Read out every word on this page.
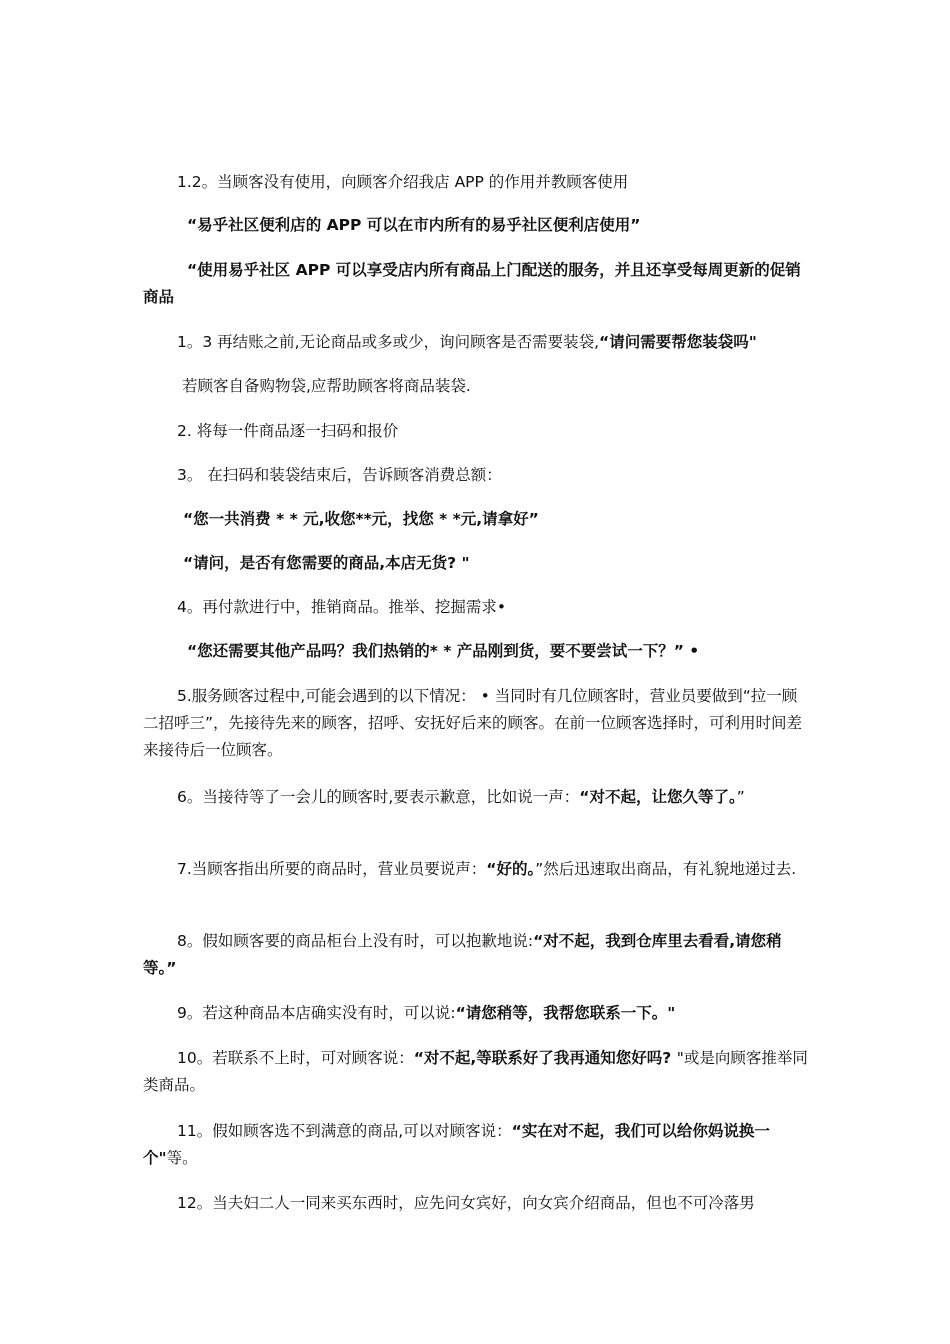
1.2。当顾客没有使用，向顾客介绍我店 APP 的作用并教顾客使用
“易乎社区便利店的 APP 可以在市内所有的易乎社区便利店使用”
“使用易乎社区 APP 可以享受店内所有商品上门配送的服务，并且还享受每周更新的促销商品
1。3 再结账之前,无论商品或多或少，询问顾客是否需要装袋,“请问需要帮您装袋吗"
若顾客自备购物袋,应帮助顾客将商品装袋.
2. 将每一件商品逐一扫码和报价
3。 在扫码和装袋结束后，告诉顾客消费总额：
“您一共消费 * * 元,收您**元，找您 * *元,请拿好”
“请问，是否有您需要的商品,本店无货? "
4。再付款进行中，推销商品。推举、挖掘需求•
“您还需要其他产品吗？我们热销的* * 产品刚到货，要不要尝试一下？” •
5.服务顾客过程中,可能会遇到的以下情况： • 当同时有几位顾客时，营业员要做到“拉一顾二招呼三”，先接待先来的顾客，招呼、安抚好后来的顾客。在前一位顾客选择时，可利用时间差来接待后一位顾客。
6。当接待等了一会儿的顾客时,要表示歉意，比如说一声：“对不起，让您久等了。”
7.当顾客指出所要的商品时，营业员要说声：“好的。”然后迅速取出商品，有礼貌地递过去.
8。假如顾客要的商品柜台上没有时，可以抱歉地说:“对不起，我到仓库里去看看,请您稍等。”
9。若这种商品本店确实没有时，可以说:“请您稍等，我帮您联系一下。"
10。若联系不上时，可对顾客说：“对不起,等联系好了我再通知您好吗? "或是向顾客推举同类商品。
11。假如顾客选不到满意的商品,可以对顾客说：“实在对不起，我们可以给你妈说换一个"等。
12。当夫妇二人一同来买东西时，应先问女宾好，向女宾介绍商品，但也不可冷落男
